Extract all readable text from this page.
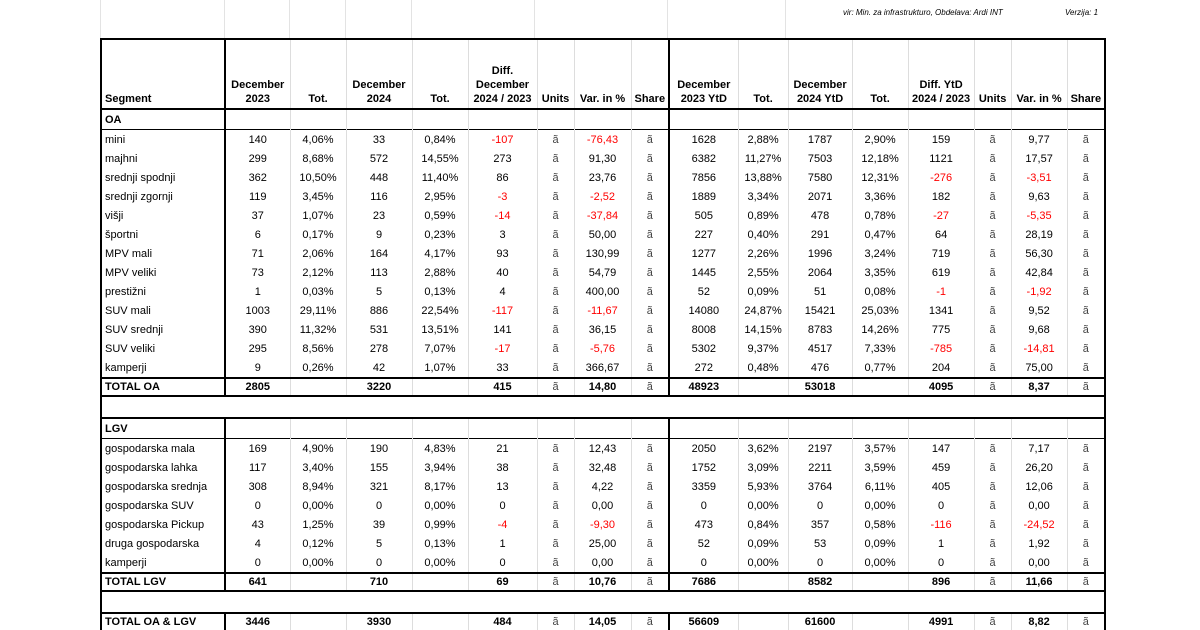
vir: Min. za infrastrukturo, Obdelava: Ardi INT	Verzija: 1
Segment	December 2023	Tot.	December 2024	Tot.	Diff. December 2024 / 2023	Units	Var. in %	Share	December 2023 YtD	Tot.	December 2024 YtD	Tot.	Diff. YtD 2024 / 2023	Units	Var. in %	Share
OA																
mini	140	4,06%	33	0,84%	-107	ã	-76,43	ã	1628	2,88%	1787	2,90%	159	ã	9,77	ã
majhni	299	8,68%	572	14,55%	273	ã	91,30	ã	6382	11,27%	7503	12,18%	1121	ã	17,57	ã
srednji spodnji	362	10,50%	448	11,40%	86	ã	23,76	ã	7856	13,88%	7580	12,31%	-276	ã	-3,51	ã
srednji zgornji	119	3,45%	116	2,95%	-3	ã	-2,52	ã	1889	3,34%	2071	3,36%	182	ã	9,63	ã
višji	37	1,07%	23	0,59%	-14	ã	-37,84	ã	505	0,89%	478	0,78%	-27	ã	-5,35	ã
športni	6	0,17%	9	0,23%	3	ã	50,00	ã	227	0,40%	291	0,47%	64	ã	28,19	ã
MPV mali	71	2,06%	164	4,17%	93	ã	130,99	ã	1277	2,26%	1996	3,24%	719	ã	56,30	ã
MPV veliki	73	2,12%	113	2,88%	40	ã	54,79	ã	1445	2,55%	2064	3,35%	619	ã	42,84	ã
prestižni	1	0,03%	5	0,13%	4	ã	400,00	ã	52	0,09%	51	0,08%	-1	ã	-1,92	ã
SUV mali	1003	29,11%	886	22,54%	-117	ã	-11,67	ã	14080	24,87%	15421	25,03%	1341	ã	9,52	ã
SUV srednji	390	11,32%	531	13,51%	141	ã	36,15	ã	8008	14,15%	8783	14,26%	775	ã	9,68	ã
SUV veliki	295	8,56%	278	7,07%	-17	ã	-5,76	ã	5302	9,37%	4517	7,33%	-785	ã	-14,81	ã
kamperji	9	0,26%	42	1,07%	33	ã	366,67	ã	272	0,48%	476	0,77%	204	ã	75,00	ã
TOTAL OA	2805		3220		415	ã	14,80	ã	48923		53018		4095	ã	8,37	ã

LGV																
gospodarska mala	169	4,90%	190	4,83%	21	ã	12,43	ã	2050	3,62%	2197	3,57%	147	ã	7,17	ã
gospodarska lahka	117	3,40%	155	3,94%	38	ã	32,48	ã	1752	3,09%	2211	3,59%	459	ã	26,20	ã
gospodarska srednja	308	8,94%	321	8,17%	13	ã	4,22	ã	3359	5,93%	3764	6,11%	405	ã	12,06	ã
gospodarska SUV	0	0,00%	0	0,00%	0	ã	0,00	ã	0	0,00%	0	0,00%	0	ã	0,00	ã
gospodarska Pickup	43	1,25%	39	0,99%	-4	ã	-9,30	ã	473	0,84%	357	0,58%	-116	ã	-24,52	ã
druga gospodarska	4	0,12%	5	0,13%	1	ã	25,00	ã	52	0,09%	53	0,09%	1	ã	1,92	ã
kamperji	0	0,00%	0	0,00%	0	ã	0,00	ã	0	0,00%	0	0,00%	0	ã	0,00	ã
TOTAL LGV	641		710		69	ã	10,76	ã	7686		8582		896	ã	11,66	ã

TOTAL OA & LGV	3446		3930		484	ã	14,05	ã	56609		61600		4991	ã	8,82	ã
